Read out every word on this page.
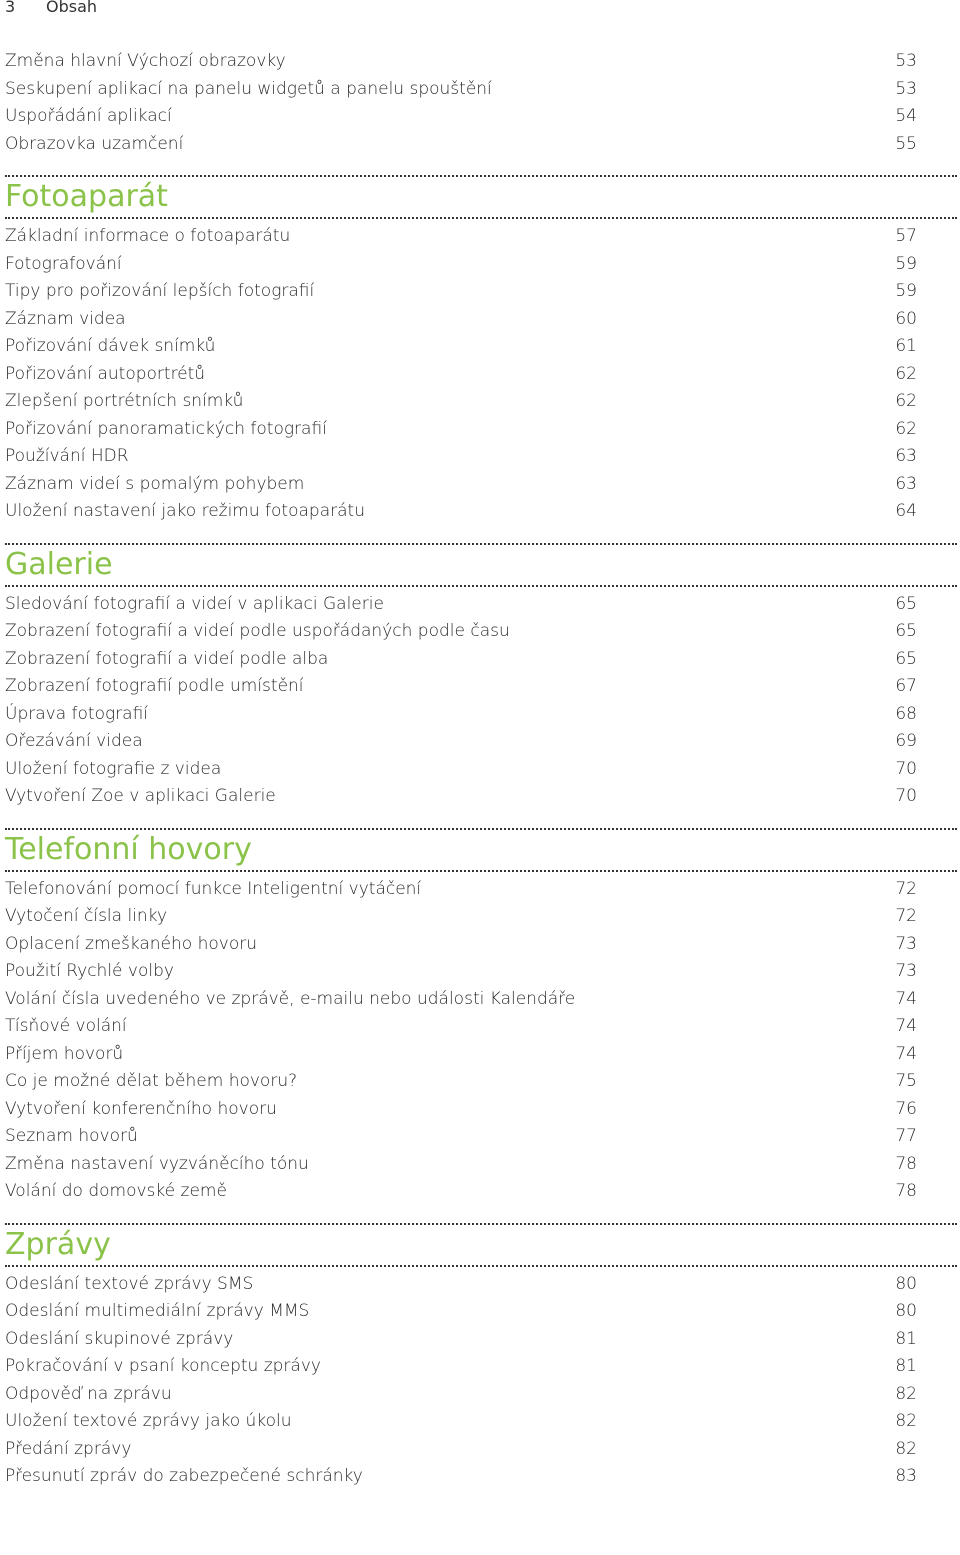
3 Obsah
Změna hlavní Výchozí obrazovky	53
Seskupení aplikací na panelu widgetů a panelu spouštění	53
Uspořádání aplikací	54
Obrazovka uzamčení	55
Fotoaparát
Základní informace o fotoaparátu	57
Fotografování	59
Tipy pro pořizování lepších fotografií	59
Záznam videa	60
Pořizování dávek snímků	61
Pořizování autoportrétů	62
Zlepšení portrétních snímků	62
Pořizování panoramatických fotografií	62
Používání HDR	63
Záznam videí s pomalým pohybem	63
Uložení nastavení jako režimu fotoaparátu	64
Galerie
Sledování fotografií a videí v aplikaci Galerie	65
Zobrazení fotografií a videí podle uspořádaných podle času	65
Zobrazení fotografií a videí podle alba	65
Zobrazení fotografií podle umístění	67
Úprava fotografií	68
Ořezávání videa	69
Uložení fotografie z videa	70
Vytvoření Zoe v aplikaci Galerie	70
Telefonní hovory
Telefonování pomocí funkce Inteligentní vytáčení	72
Vytočení čísla linky	72
Oplacení zmeškaného hovoru	73
Použití Rychlé volby	73
Volání čísla uvedeného ve zprávě, e-mailu nebo události Kalendáře	74
Tísňové volání	74
Příjem hovorů	74
Co je možné dělat během hovoru?	75
Vytvoření konferenčního hovoru	76
Seznam hovorů	77
Změna nastavení vyzváněcího tónu	78
Volání do domovské země	78
Zprávy
Odeslání textové zprávy SMS	80
Odeslání multimediální zprávy MMS	80
Odeslání skupinové zprávy	81
Pokračování v psaní konceptu zprávy	81
Odpověď na zprávu	82
Uložení textové zprávy jako úkolu	82
Předání zprávy	82
Přesunutí zpráv do zabezpečené schránky	83
